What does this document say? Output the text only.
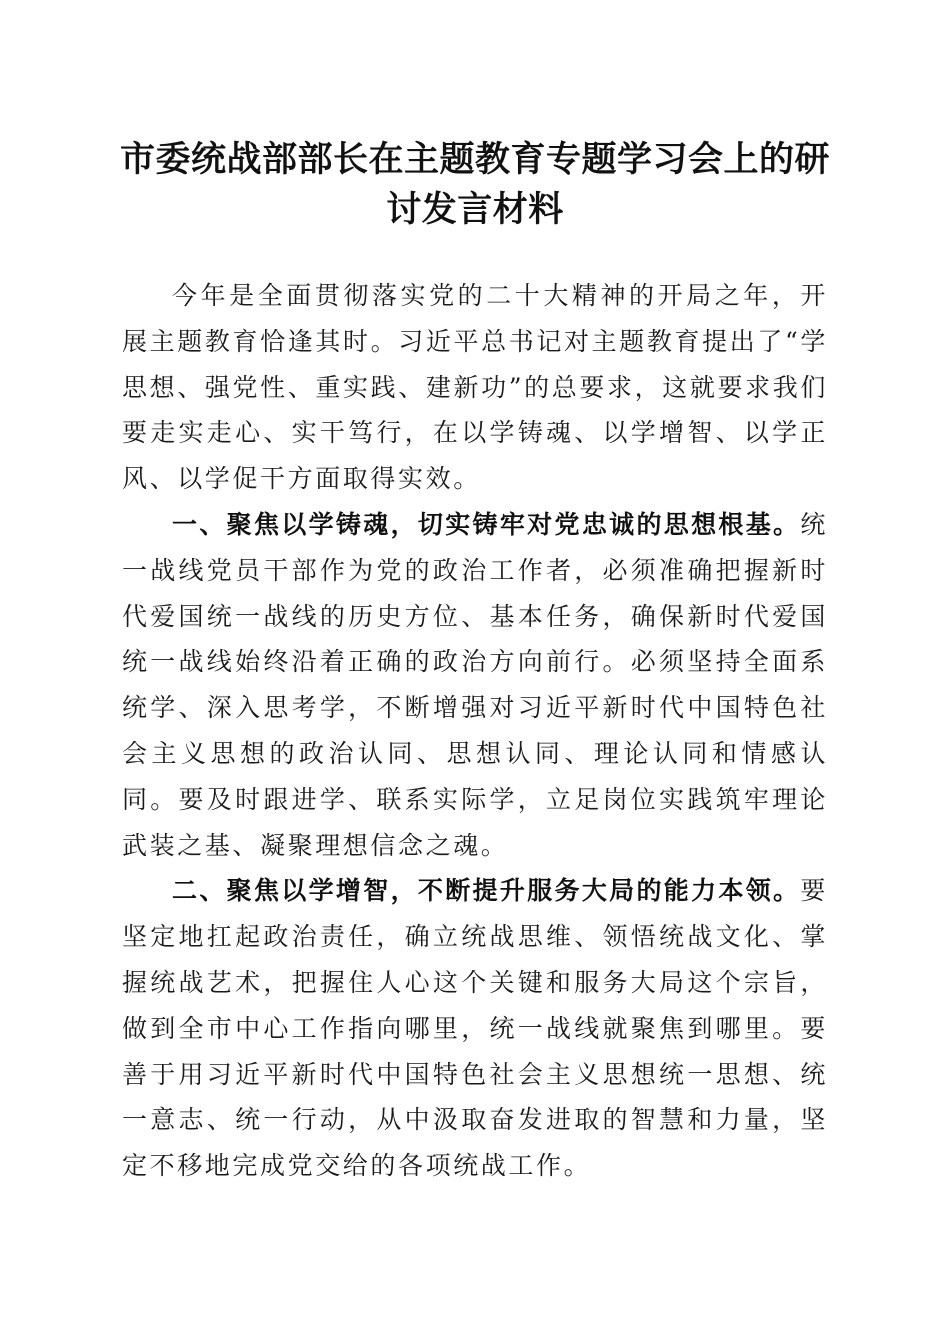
市委统战部部长在主题教育专题学习会上的研讨发言材料

今年是全面贯彻落实党的二十大精神的开局之年，开展主题教育恰逢其时。习近平总书记对主题教育提出了“学思想、强党性、重实践、建新功”的总要求，这就要求我们要走实走心、实干笃行，在以学铸魂、以学增智、以学正风、以学促干方面取得实效。

一、聚焦以学铸魂，切实铸牢对党忠诚的思想根基。统一战线党员干部作为党的政治工作者，必须准确把握新时代爱国统一战线的历史方位、基本任务，确保新时代爱国统一战线始终沿着正确的政治方向前行。必须坚持全面系统学、深入思考学，不断增强对习近平新时代中国特色社会主义思想的政治认同、思想认同、理论认同和情感认同。要及时跟进学、联系实际学，立足岗位实践筑牢理论武装之基、凝聚理想信念之魂。

二、聚焦以学增智，不断提升服务大局的能力本领。要坚定地扛起政治责任，确立统战思维、领悟统战文化、掌握统战艺术，把握住人心这个关键和服务大局这个宗旨，做到全市中心工作指向哪里，统一战线就聚焦到哪里。要善于用习近平新时代中国特色社会主义思想统一思想、统一意志、统一行动，从中汲取奋发进取的智慧和力量，坚定不移地完成党交给的各项统战工作。
